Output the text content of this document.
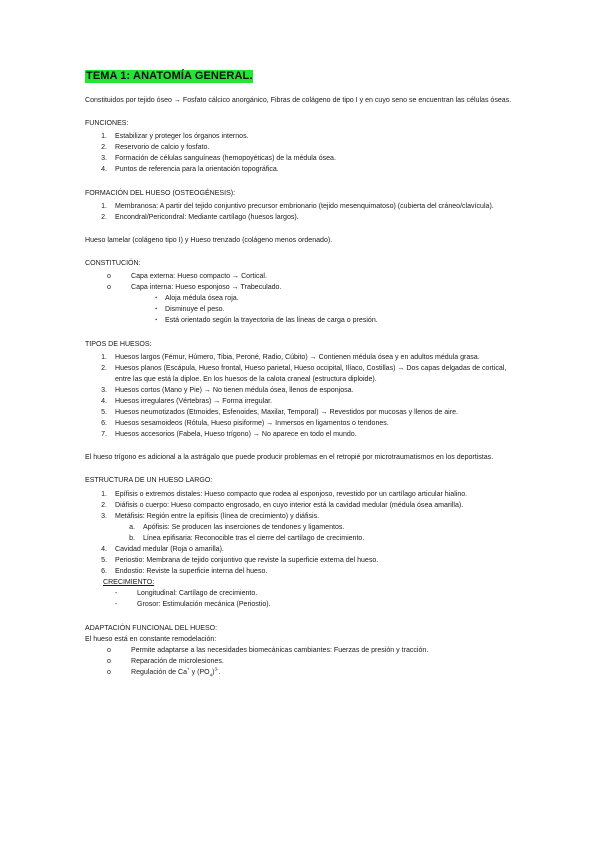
TEMA 1: ANATOMÍA GENERAL.

Constituidos por tejido óseo → Fosfato cálcico anorgánico, Fibras de colágeno de tipo I y en cuyo seno se encuentran las células óseas.

FUNCIONES:

1.	Estabilizar y proteger los órganos internos.
2.	Reservorio de calcio y fosfato.
3.	Formación de células sanguíneas (hemopoyéticas) de la médula ósea.
4.	Puntos de referencia para la orientación topográfica.

FORMACIÓN DEL HUESO (OSTEOGÉNESIS):

1.	Membranosa: A partir del tejido conjuntivo precursor embrionario (tejido mesenquimatoso) (cubierta del cráneo/clavícula).
2.	Encondral/Pericondral: Mediante cartílago (huesos largos).

Hueso lamelar (colágeno tipo I) y Hueso trenzado (colágeno menos ordenado).

CONSTITUCIÓN:

o	Capa externa: Hueso compacto → Cortical.
o	Capa interna: Hueso esponjoso → Trabeculado.
▪	Aloja médula ósea roja.
▪	Disminuye el peso.
▪	Está orientado según la trayectoria de las líneas de carga o presión.

TIPOS DE HUESOS:

1.	Huesos largos (Fémur, Húmero, Tibia, Peroné, Radio, Cúbito) → Contienen médula ósea y en adultos médula grasa.
2.	Huesos planos (Escápula, Hueso frontal, Hueso parietal, Hueso occipital, Ilíaco, Costillas) → Dos capas delgadas de cortical, entre las que está la diploe. En los huesos de la calota craneal (estructura diploide).
3.	Huesos cortos (Mano y Pie) → No tienen médula ósea, llenos de esponjosa.
4.	Huesos irregulares (Vértebras) → Forma irregular.
5.	Huesos neumotizados (Etmoides, Esfenoides, Maxilar, Temporal) → Revestidos por mucosas y llenos de aire.
6.	Huesos sesamoideos (Rótula, Hueso pisiforme) → Inmersos en ligamentos o tendones.
7.	Huesos accesorios (Fabela, Hueso trígono) → No aparece en todo el mundo.

El hueso trígono es adicional a la astrágalo que puede producir problemas en el retropié por microtraumatismos en los deportistas.

ESTRUCTURA DE UN HUESO LARGO:

1.	Epífisis o extremos distales: Hueso compacto que rodea al esponjoso, revestido por un cartílago articular hialino.
2.	Diáfisis o cuerpo: Hueso compacto engrosado, en cuyo interior está la cavidad medular (médula ósea amarilla).
3.	Metáfisis: Región entre la epífisis (línea de crecimiento) y diáfisis.
a.	Apófisis: Se producen las inserciones de tendones y ligamentos.
b.	Línea epifisaria: Reconocible tras el cierre del cartílago de crecimiento.
4.	Cavidad medular (Roja o amarilla).
5.	Periostio: Membrana de tejido conjuntivo que reviste la superficie externa del hueso.
6.	Endostio: Reviste la superficie interna del hueso.

CRECIMIENTO:

-	Longitudinal: Cartílago de crecimiento.
-	Grosor: Estimulación mecánica (Periostio).

ADAPTACIÓN FUNCIONAL DEL HUESO:

El hueso está en constante remodelación:

o	Permite adaptarse a las necesidades biomecánicas cambiantes: Fuerzas de presión y tracción.
o	Reparación de microlesiones.
o	Regulación de Ca+ y $(PO_4)^{3-}$.
